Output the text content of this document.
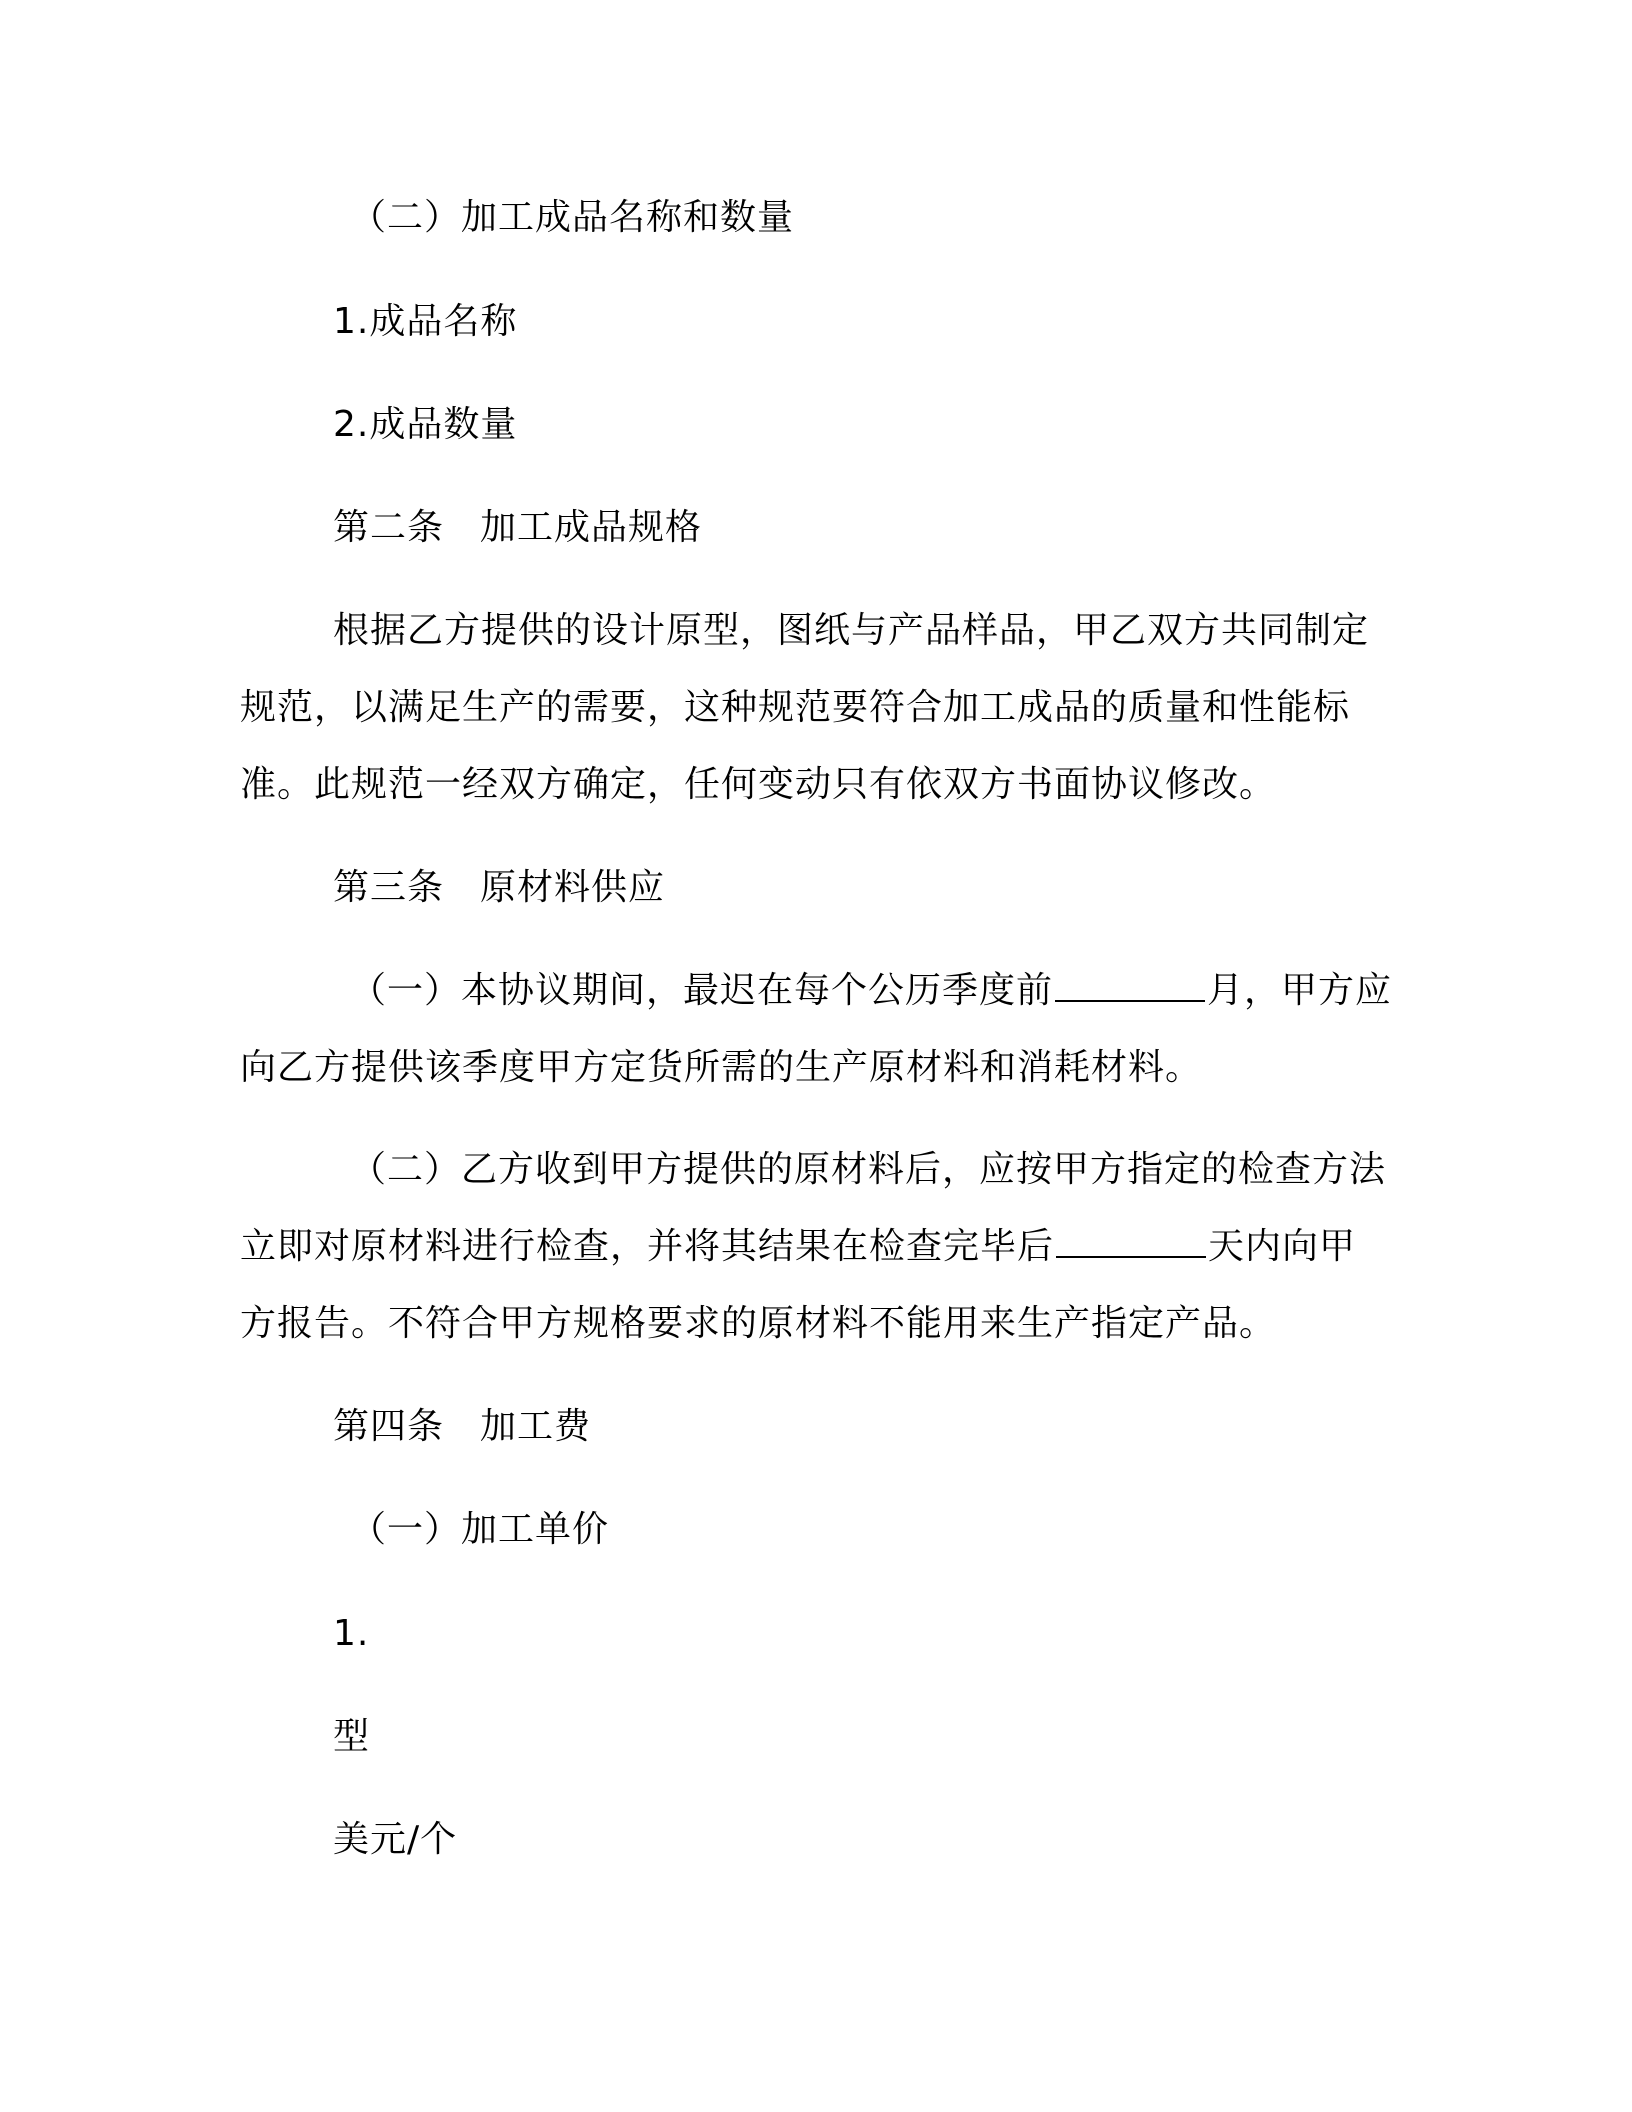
（二）加工成品名称和数量
1.成品名称
2.成品数量
第二条 加工成品规格
根据乙方提供的设计原型，图纸与产品样品，甲乙双方共同制定
规范，以满足生产的需要，这种规范要符合加工成品的质量和性能标
准。此规范一经双方确定，任何变动只有依双方书面协议修改。
第三条 原材料供应
（一）本协议期间，最迟在每个公历季度前	月，甲方应
向乙方提供该季度甲方定货所需的生产原材料和消耗材料。
（二）乙方收到甲方提供的原材料后，应按甲方指定的检查方法
立即对原材料进行检查，并将其结果在检查完毕后	天内向甲
方报告。不符合甲方规格要求的原材料不能用来生产指定产品。
第四条 加工费
（一）加工单价
1.
型
美元/个
